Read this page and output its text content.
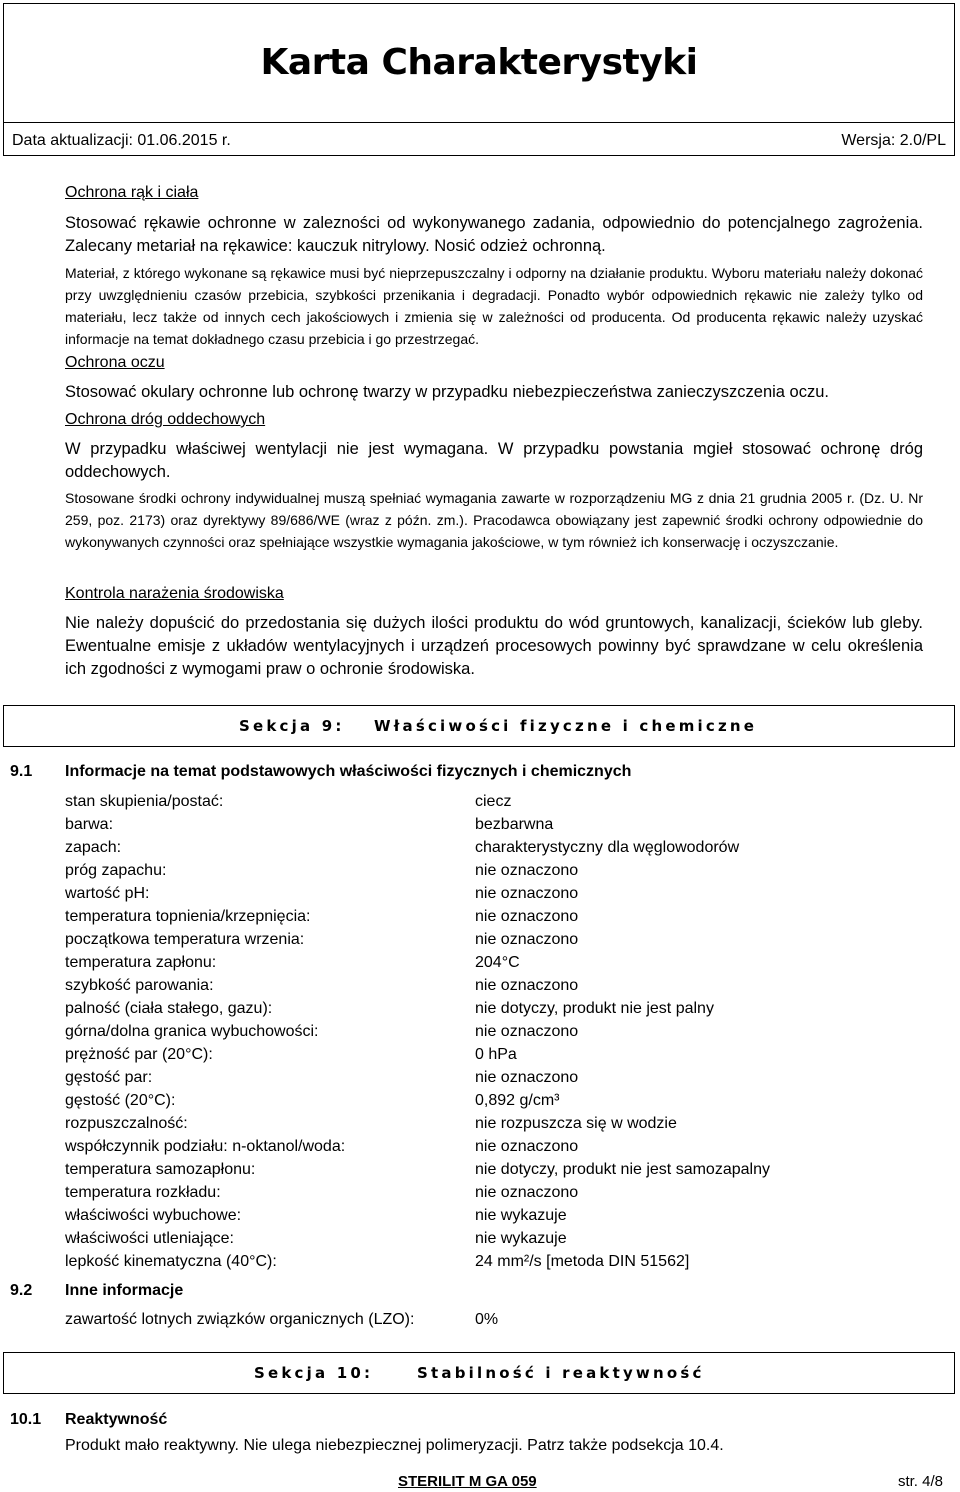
Karta Charakterystyki
Data aktualizacji: 01.06.2015 r.	Wersja: 2.0/PL
Ochrona rąk i ciała
Stosować rękawie ochronne w zaleznoścі od wykonywanego zadania, odpowiednio do potencjalnego zagrożenia. Zalecany metariał na rękawice: kauczuk nitrylowy. Nosić odzież ochronną.
Materiał, z którego wykonane są rękawice musi być nieprzepuszczalny i odporny na działanie produktu. Wyboru materiału należy dokonać przy uwzględnieniu czasów przebicia, szybkości przenikania i degradacji. Ponadto wybór odpowiednich rękawic nie zależy tylko od materiału, lecz także od innych cech jakościowych i zmienia się w zależności od producenta. Od producenta rękawic należy uzyskać informacje na temat dokładnego czasu przebicia i go przestrzegać.
Ochrona oczu
Stosować okulary ochronne lub ochronę twarzy w przypadku niebezpieczeństwa zanieczyszczenia oczu.
Ochrona dróg oddechowych
W przypadku właściwej wentylacji nie jest wymagana. W przypadku powstania mgieł stosować ochronę dróg oddechowych.
Stosowane środki ochrony indywidualnej muszą spełniać wymagania zawarte w rozporządzeniu MG z dnia 21 grudnia 2005 r. (Dz. U. Nr 259, poz. 2173) oraz dyrektywy 89/686/WE (wraz z późn. zm.). Pracodawca obowiązany jest zapewnić środki ochrony odpowiednie do wykonywanych czynności oraz spełniające wszystkie wymagania jakościowe, w tym również ich konserwację i oczyszczanie.
Kontrola narażenia środowiska
Nie należy dopuścić do przedostania się dużych ilości produktu do wód gruntowych, kanalizacji, ścieków lub gleby. Ewentualne emisje z układów wentylacyjnych i urządzeń procesowych powinny być sprawdzane w celu określenia ich zgodności z wymogami praw o ochronie środowiska.
Sekcja 9: Właściwości fizyczne i chemiczne
9.1 Informacje na temat podstawowych właściwości fizycznych i chemicznych
stan skupienia/postać:	ciecz
barwa:	bezbarwna
zapach:	charakterystyczny dla węglowodorów
próg zapachu:	nie oznaczono
wartość pH:	nie oznaczono
temperatura topnienia/krzepnięcia:	nie oznaczono
początkowa temperatura wrzenia:	nie oznaczono
temperatura zapłonu:	204°C
szybkość parowania:	nie oznaczono
palność (ciała stałego, gazu):	nie dotyczy, produkt nie jest palny
górna/dolna granica wybuchowości:	nie oznaczono
prężność par (20°C):	0 hPa
gęstość par:	nie oznaczono
gęstość (20°C):	0,892 g/cm³
rozpuszczalność:	nie rozpuszcza się w wodzie
współczynnik podziału: n-oktanol/woda:	nie oznaczono
temperatura samozapłonu:	nie dotyczy, produkt nie jest samozapalny
temperatura rozkładu:	nie oznaczono
właściwości wybuchowe:	nie wykazuje
właściwości utleniające:	nie wykazuje
lepkość kinematyczna (40°C):	24 mm²/s [metoda DIN 51562]
9.2 Inne informacje
zawartość lotnych związków organicznych (LZO):	0%
Sekcja 10:	Stabilność i reaktywność
10.1 Reaktywność
Produkt mało reaktywny. Nie ulega niebezpiecznej polimeryzacji. Patrz także podsekcja 10.4.
STERILIT M GA 059	str. 4/8
